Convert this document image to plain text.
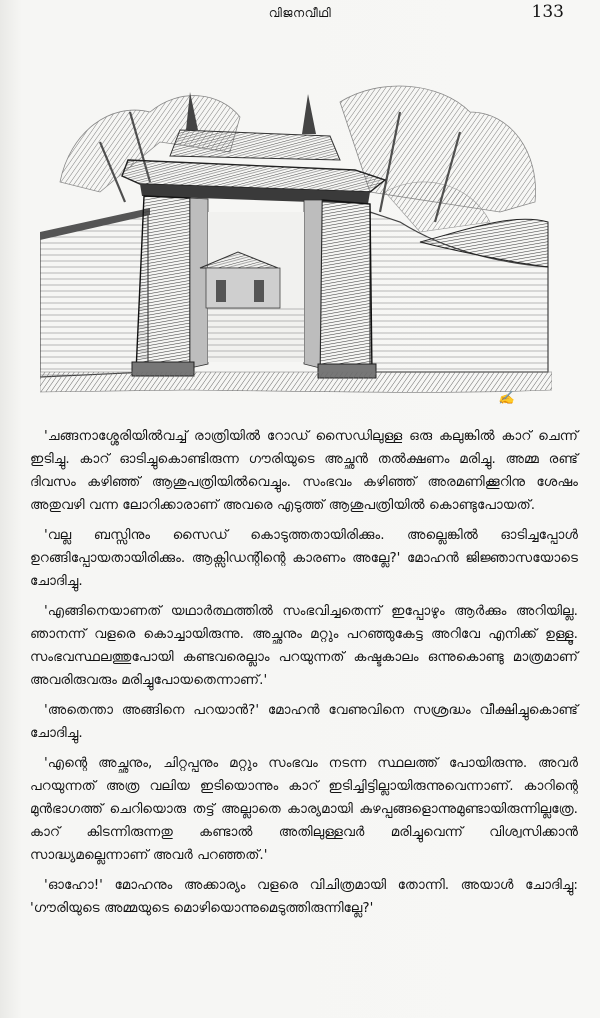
വിജനവീഥി	133
✍

'ചങ്ങനാശ്ശേരിയിൽവച്ച് രാത്രിയിൽ റോഡ് സൈഡിലുള്ള ഒരു കലുങ്കിൽ കാറ് ചെന്ന് ഇടിച്ചു. കാറ് ഓടിച്ചുകൊണ്ടിരുന്ന ഗൗരിയുടെ അച്ഛൻ തൽക്ഷണം മരിച്ചു. അമ്മ രണ്ട് ദിവസം കഴിഞ്ഞ് ആശുപത്രിയിൽവെച്ചും. സംഭവം കഴിഞ്ഞ് അരമണിക്കൂറിനു ശേഷം അതുവഴി വന്ന ലോറിക്കാരാണ് അവരെ എടുത്ത് ആശുപത്രിയിൽ കൊണ്ടുപോയത്.

'വല്ല ബസ്സിനും സൈഡ് കൊടുത്തതായിരിക്കും. അല്ലെങ്കിൽ ഓടിച്ചപ്പോൾ ഉറങ്ങിപ്പോയതായിരിക്കും. ആക്സിഡന്റിന്റെ കാരണം അല്ലേ?' മോഹൻ ജിജ്ഞാസയോടെ ചോദിച്ചു.

'എങ്ങിനെയാണത് യഥാർത്ഥത്തിൽ സംഭവിച്ചതെന്ന് ഇപ്പോഴും ആർക്കും അറിയില്ല. ഞാനന്ന് വളരെ കൊച്ചായിരുന്നു. അച്ഛനും മറ്റും പറഞ്ഞുകേട്ട അറിവേ എനിക്ക് ഉള്ളൂ. സംഭവസ്ഥലത്തുപോയി കണ്ടവരെല്ലാം പറയുന്നത് കഷ്ടകാലം ഒന്നുകൊണ്ടു മാത്രമാണ് അവരിരുവരും മരിച്ചുപോയതെന്നാണ്.'

'അതെന്താ അങ്ങിനെ പറയാൻ?' മോഹൻ വേണുവിനെ സശ്രദ്ധം വീക്ഷിച്ചുകൊണ്ട് ചോദിച്ചു.

'എന്റെ അച്ഛനും, ചിറ്റപ്പനും മറ്റും സംഭവം നടന്ന സ്ഥലത്ത് പോയിരുന്നു. അവർ പറയുന്നത് അത്ര വലിയ ഇടിയൊന്നും കാറ് ഇടിച്ചിട്ടില്ലായിരുന്നുവെന്നാണ്. കാറിന്റെ മുൻഭാഗത്ത് ചെറിയൊരു തട്ട് അല്ലാതെ കാര്യമായി കുഴപ്പങ്ങളൊന്നുമുണ്ടായിരുന്നില്ലത്രേ. കാറ് കിടന്നിരുന്നതു കണ്ടാൽ അതിലുള്ളവർ മരിച്ചുവെന്ന് വിശ്വസിക്കാൻ സാദ്ധ്യമല്ലെന്നാണ് അവർ പറഞ്ഞത്.'

'ഓഹോ!' മോഹനും അക്കാര്യം വളരെ വിചിത്രമായി തോന്നി. അയാൾ ചോദിച്ചു: 'ഗൗരിയുടെ അമ്മയുടെ മൊഴിയൊന്നുമെടുത്തിരുന്നില്ലേ?'
